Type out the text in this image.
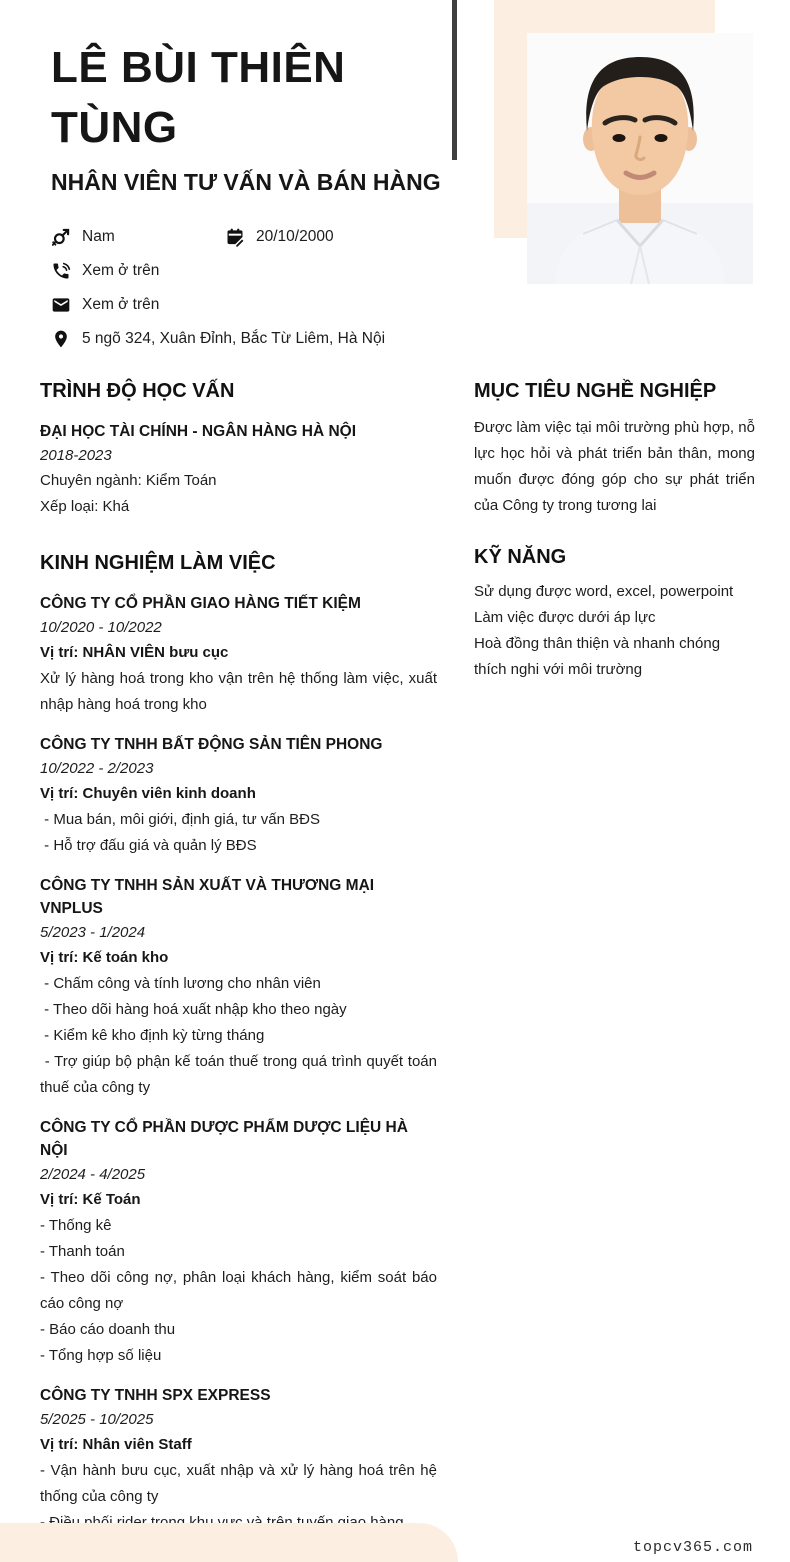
LÊ BÙI THIÊN TÙNG
NHÂN VIÊN TƯ VẤN VÀ BÁN HÀNG
Nam	20/10/2000
Xem ở trên
Xem ở trên
5 ngõ 324, Xuân Đỉnh, Bắc Từ Liêm, Hà Nội
TRÌNH ĐỘ HỌC VẤN
ĐẠI HỌC TÀI CHÍNH - NGÂN HÀNG HÀ NỘI
2018-2023
Chuyên ngành: Kiểm Toán
Xếp loại: Khá
KINH NGHIỆM LÀM VIỆC
CÔNG TY CỔ PHẦN GIAO HÀNG TIẾT KIỆM
10/2020 - 10/2022
Vị trí: NHÂN VIÊN bưu cục
Xử lý hàng hoá trong kho vận trên hệ thống làm việc, xuất nhập hàng hoá trong kho
CÔNG TY TNHH BẤT ĐỘNG SẢN TIÊN PHONG
10/2022 - 2/2023
Vị trí: Chuyên viên kinh doanh
- Mua bán, môi giới, định giá, tư vấn BĐS
- Hỗ trợ đấu giá và quản lý BĐS
CÔNG TY TNHH SẢN XUẤT VÀ THƯƠNG MẠI VNPLUS
5/2023 - 1/2024
Vị trí: Kế toán kho
- Chấm công và tính lương cho nhân viên
- Theo dõi hàng hoá xuất nhập kho theo ngày
- Kiểm kê kho định kỳ từng tháng
- Trợ giúp bộ phận kế toán thuế trong quá trình quyết toán thuế của công ty
CÔNG TY CỔ PHẦN DƯỢC PHẨM DƯỢC LIỆU HÀ NỘI
2/2024 - 4/2025
Vị trí: Kế Toán
- Thống kê
- Thanh toán
- Theo dõi công nợ, phân loại khách hàng, kiểm soát báo cáo công nợ
- Báo cáo doanh thu
- Tổng hợp số liệu
CÔNG TY TNHH SPX EXPRESS
5/2025 - 10/2025
Vị trí: Nhân viên Staff
- Vận hành bưu cục, xuất nhập và xử lý hàng hoá trên hệ thống của công ty
MỤC TIÊU NGHỀ NGHIỆP

Được làm việc tại môi trường phù hợp, nỗ lực học hỏi và phát triển bản thân, mong muốn được đóng góp cho sự phát triển của Công ty trong tương lai

KỸ NĂNG
Sử dụng được word, excel, powerpoint
Làm việc được dưới áp lực
Hoà đồng thân thiện và nhanh chóng thích nghi với môi trường
topcv365.com
